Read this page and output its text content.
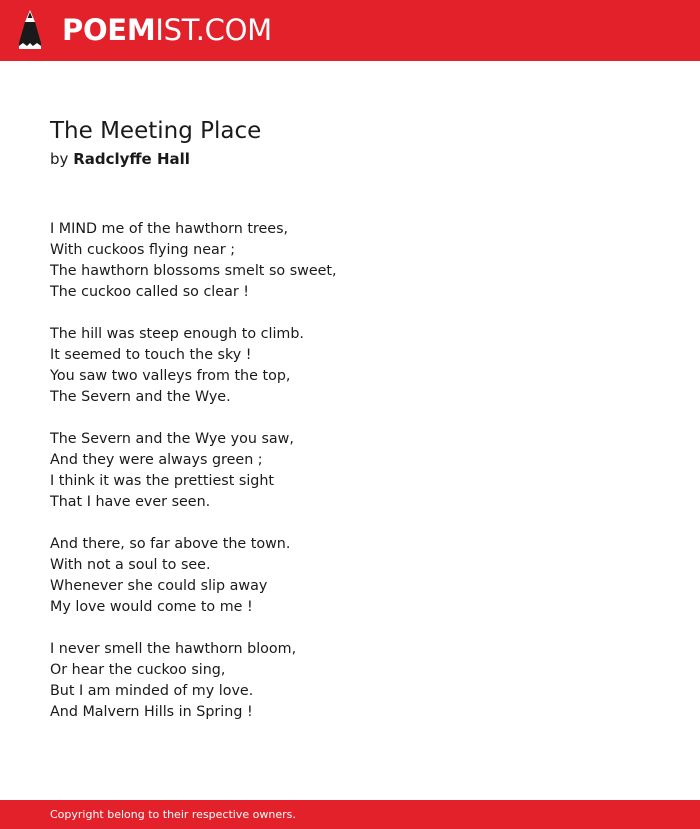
POEMIST.COM
The Meeting Place
by Radclyffe Hall
I MIND me of the hawthorn trees,
With cuckoos flying near ;
The hawthorn blossoms smelt so sweet,
The cuckoo called so clear !
The hill was steep enough to climb.
It seemed to touch the sky !
You saw two valleys from the top,
The Severn and the Wye.
The Severn and the Wye you saw,
And they were always green ;
I think it was the prettiest sight
That I have ever seen.
And there, so far above the town.
With not a soul to see.
Whenever she could slip away
My love would come to me !
I never smell the hawthorn bloom,
Or hear the cuckoo sing,
But I am minded of my love.
And Malvern Hills in Spring !
Copyright belong to their respective owners.
